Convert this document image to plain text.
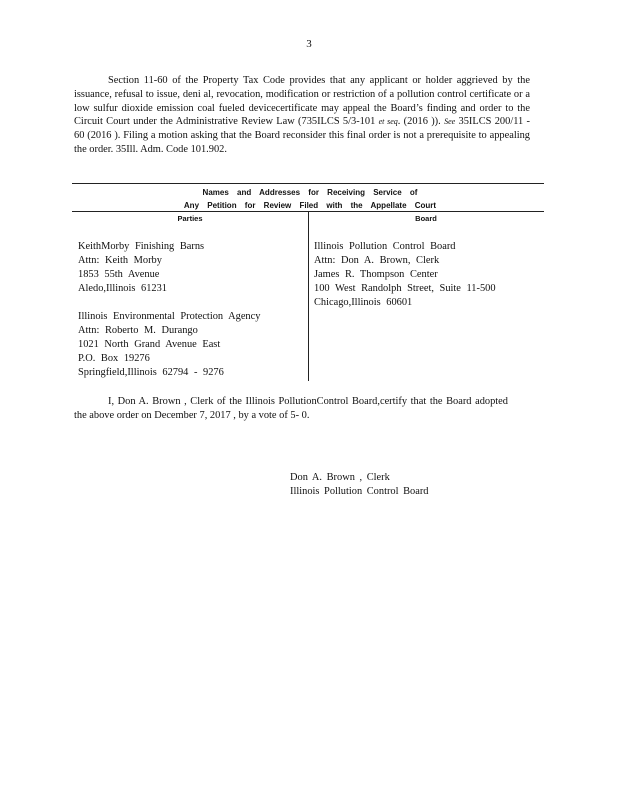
3

Section 11-60 of the Property Tax Code provides that any applicant or holder aggrieved by the issuance, refusal to issue, deni al, revocation, modification or restriction of a pollution control certificate or a low sulfur dioxide emission coal fueled devicecertificate may appeal the Board’s finding and order to the Circuit Court under the Administrative Review Law (735ILCS 5/3-101 et seq. (2016 )). See 35ILCS 200/11 - 60 (2016 ). Filing a motion asking that the Board reconsider this final order is not a prerequisite to appealing the order. 35Ill. Adm. Code 101.902.

Names and Addresses for Receiving Service of
Any Petition for Review Filed with the Appellate Court
Parties	Board
KeithMorby Finishing Barns
Attn: Keith Morby
1853 55th Avenue
Aledo,Illinois 61231
Illinois Environmental Protection Agency
Attn: Roberto M. Durango
1021 North Grand Avenue East
P.O. Box 19276
Springfield,Illinois 62794 - 9276
Illinois Pollution Control Board
Attn: Don A. Brown, Clerk
James R. Thompson Center
100 West Randolph Street, Suite 11-500
Chicago,Illinois 60601

I, Don A. Brown , Clerk of the Illinois PollutionControl Board,certify that the Board adopted the above order on December 7, 2017 , by a vote of 5- 0.

Don A. Brown , Clerk
Illinois Pollution Control Board
